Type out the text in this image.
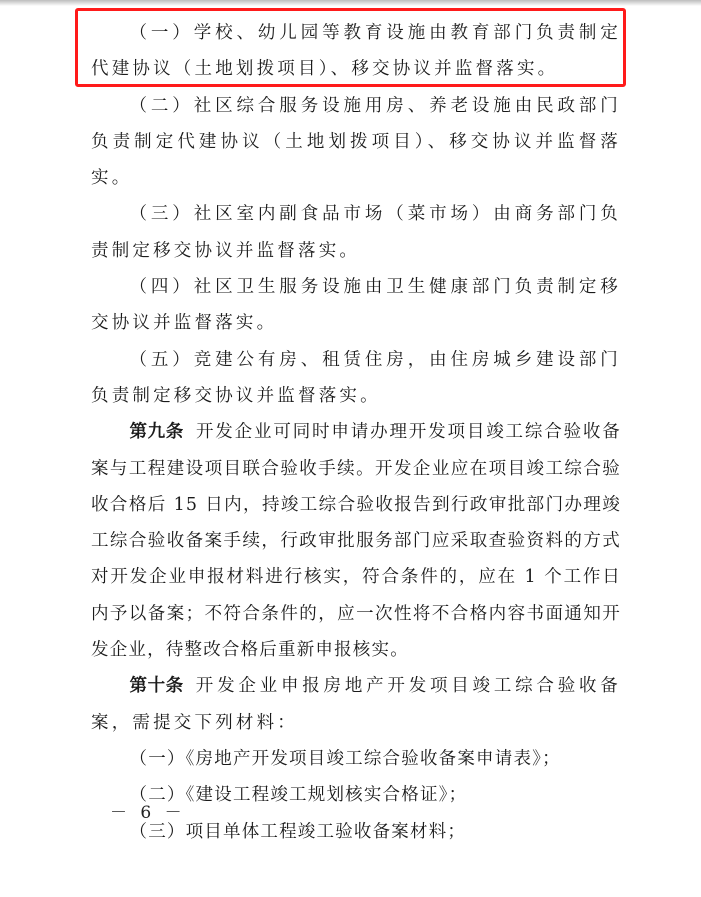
（一）学校、幼儿园等教育设施由教育部门负责制定代建协议（土地划拨项目）、移交协议并监督落实。

（二）社区综合服务设施用房、养老设施由民政部门负责制定代建协议（土地划拨项目）、移交协议并监督落实。

（三）社区室内副食品市场（菜市场）由商务部门负责制定移交协议并监督落实。

（四）社区卫生服务设施由卫生健康部门负责制定移交协议并监督落实。

（五）竞建公有房、租赁住房，由住房城乡建设部门负责制定移交协议并监督落实。

第九条 开发企业可同时申请办理开发项目竣工综合验收备案与工程建设项目联合验收手续。开发企业应在项目竣工综合验收合格后 15 日内，持竣工综合验收报告到行政审批部门办理竣工综合验收备案手续，行政审批服务部门应采取查验资料的方式对开发企业申报材料进行核实，符合条件的，应在 1 个工作日内予以备案；不符合条件的，应一次性将不合格内容书面通知开发企业，待整改合格后重新申报核实。

第十条 开发企业申报房地产开发项目竣工综合验收备案，需提交下列材料：

（一）《房地产开发项目竣工综合验收备案申请表》；

（二）《建设工程竣工规划核实合格证》；

（三）项目单体工程竣工验收备案材料；

－ 6 －
